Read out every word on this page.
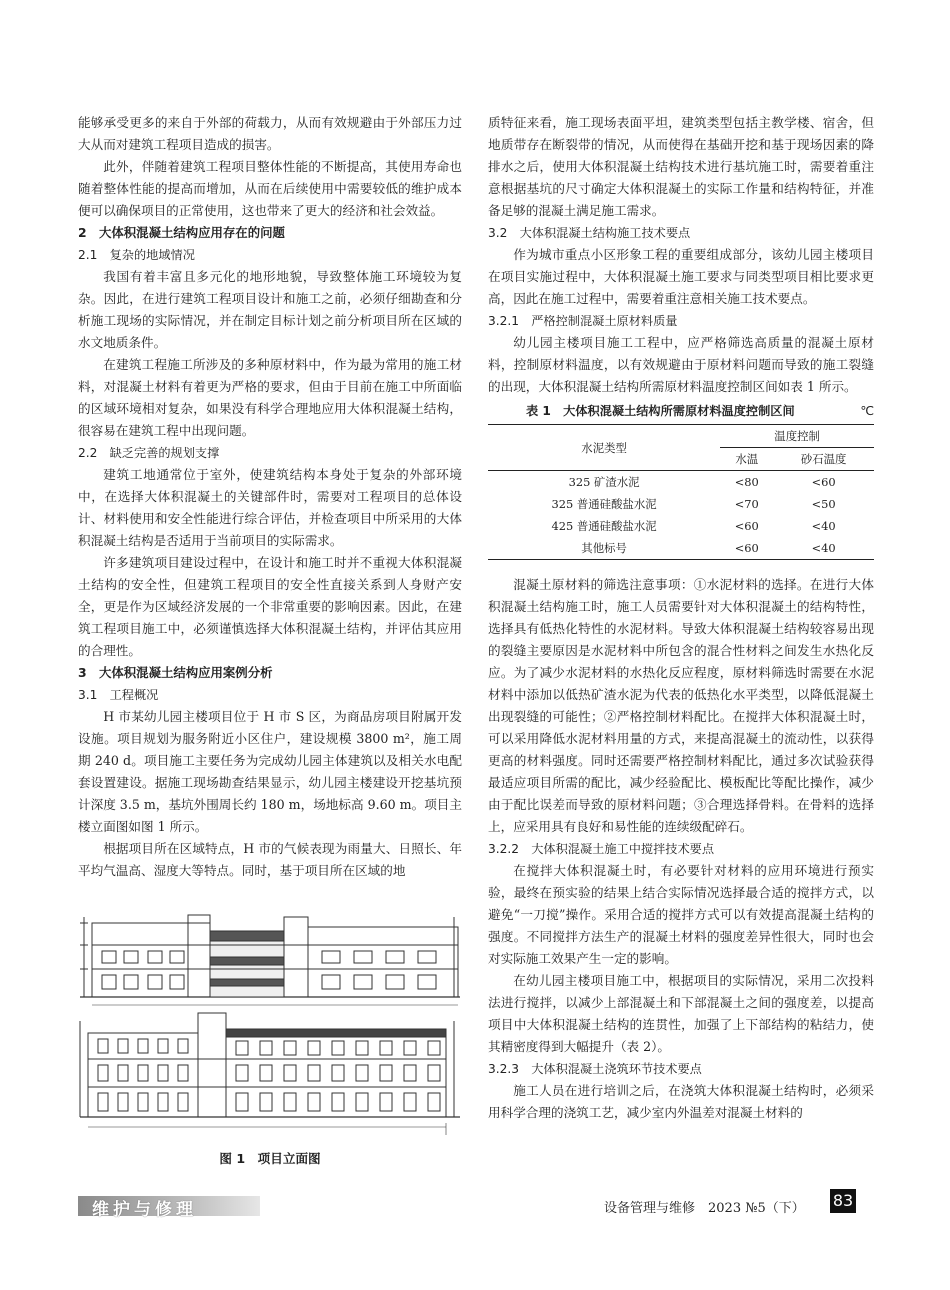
能够承受更多的来自于外部的荷载力，从而有效规避由于外部压力过大从而对建筑工程项目造成的损害。

此外，伴随着建筑工程项目整体性能的不断提高，其使用寿命也随着整体性能的提高而增加，从而在后续使用中需要较低的维护成本便可以确保项目的正常使用，这也带来了更大的经济和社会效益。

2　大体积混凝土结构应用存在的问题

2.1　复杂的地域情况

我国有着丰富且多元化的地形地貌，导致整体施工环境较为复杂。因此，在进行建筑工程项目设计和施工之前，必须仔细勘查和分析施工现场的实际情况，并在制定目标计划之前分析项目所在区域的水文地质条件。

在建筑工程施工所涉及的多种原材料中，作为最为常用的施工材料，对混凝土材料有着更为严格的要求，但由于目前在施工中所面临的区域环境相对复杂，如果没有科学合理地应用大体积混凝土结构，很容易在建筑工程中出现问题。

2.2　缺乏完善的规划支撑

建筑工地通常位于室外，使建筑结构本身处于复杂的外部环境中，在选择大体积混凝土的关键部件时，需要对工程项目的总体设计、材料使用和安全性能进行综合评估，并检查项目中所采用的大体积混凝土结构是否适用于当前项目的实际需求。

许多建筑项目建设过程中，在设计和施工时并不重视大体积混凝土结构的安全性，但建筑工程项目的安全性直接关系到人身财产安全，更是作为区域经济发展的一个非常重要的影响因素。因此，在建筑工程项目施工中，必须谨慎选择大体积混凝土结构，并评估其应用的合理性。

3　大体积混凝土结构应用案例分析

3.1　工程概况

H 市某幼儿园主楼项目位于 H 市 S 区，为商品房项目附属开发设施。项目规划为服务附近小区住户，建设规模 3800 m²，施工周期 240 d。项目施工主要任务为完成幼儿园主体建筑以及相关水电配套设置建设。据施工现场勘查结果显示，幼儿园主楼建设开挖基坑预计深度 3.5 m，基坑外围周长约 180 m，场地标高 9.60 m。项目主楼立面图如图 1 所示。

根据项目所在区域特点，H 市的气候表现为雨量大、日照长、年平均气温高、湿度大等特点。同时，基于项目所在区域的地

图 1　项目立面图

质特征来看，施工现场表面平坦，建筑类型包括主教学楼、宿舍，但地质带存在断裂带的情况，从而使得在基础开挖和基于现场因素的降排水之后，使用大体积混凝土结构技术进行基坑施工时，需要着重注意根据基坑的尺寸确定大体积混凝土的实际工作量和结构特征，并准备足够的混凝土满足施工需求。

3.2　大体积混凝土结构施工技术要点

作为城市重点小区形象工程的重要组成部分，该幼儿园主楼项目在项目实施过程中，大体积混凝土施工要求与同类型项目相比要求更高，因此在施工过程中，需要着重注意相关施工技术要点。

3.2.1　严格控制混凝土原材料质量

幼儿园主楼项目施工工程中，应严格筛选高质量的混凝土原材料，控制原材料温度，以有效规避由于原材料问题而导致的施工裂缝的出现，大体积混凝土结构所需原材料温度控制区间如表 1 所示。

表 1　大体积混凝土结构所需原材料温度控制区间	℃
水泥类型	温度控制	
	水温	砂石温度
325 矿渣水泥	<80	<60
325 普通硅酸盐水泥	<70	<50
425 普通硅酸盐水泥	<60	<40
其他标号	<60	<40

混凝土原材料的筛选注意事项：①水泥材料的选择。在进行大体积混凝土结构施工时，施工人员需要针对大体积混凝土的结构特性，选择具有低热化特性的水泥材料。导致大体积混凝土结构较容易出现的裂缝主要原因是水泥材料中所包含的混合性材料之间发生水热化反应。为了减少水泥材料的水热化反应程度，原材料筛选时需要在水泥材料中添加以低热矿渣水泥为代表的低热化水平类型，以降低混凝土出现裂缝的可能性；②严格控制材料配比。在搅拌大体积混凝土时，可以采用降低水泥材料用量的方式，来提高混凝土的流动性，以获得更高的材料强度。同时还需要严格控制材料配比，通过多次试验获得最适应项目所需的配比，减少经验配比、模板配比等配比操作，减少由于配比误差而导致的原材料问题；③合理选择骨料。在骨料的选择上，应采用具有良好和易性能的连续级配碎石。

3.2.2　大体积混凝土施工中搅拌技术要点

在搅拌大体积混凝土时，有必要针对材料的应用环境进行预实验，最终在预实验的结果上结合实际情况选择最合适的搅拌方式，以避免“一刀搅”操作。采用合适的搅拌方式可以有效提高混凝土结构的强度。不同搅拌方法生产的混凝土材料的强度差异性很大，同时也会对实际施工效果产生一定的影响。

在幼儿园主楼项目施工中，根据项目的实际情况，采用二次投料法进行搅拌，以减少上部混凝土和下部混凝土之间的强度差，以提高项目中大体积混凝土结构的连贯性，加强了上下部结构的粘结力，使其精密度得到大幅提升（表 2）。

3.2.3　大体积混凝土浇筑环节技术要点

施工人员在进行培训之后，在浇筑大体积混凝土结构时，必须采用科学合理的浇筑工艺，减少室内外温差对混凝土材料的

维护与修理	设备管理与维修　2023 №5（下） 83
